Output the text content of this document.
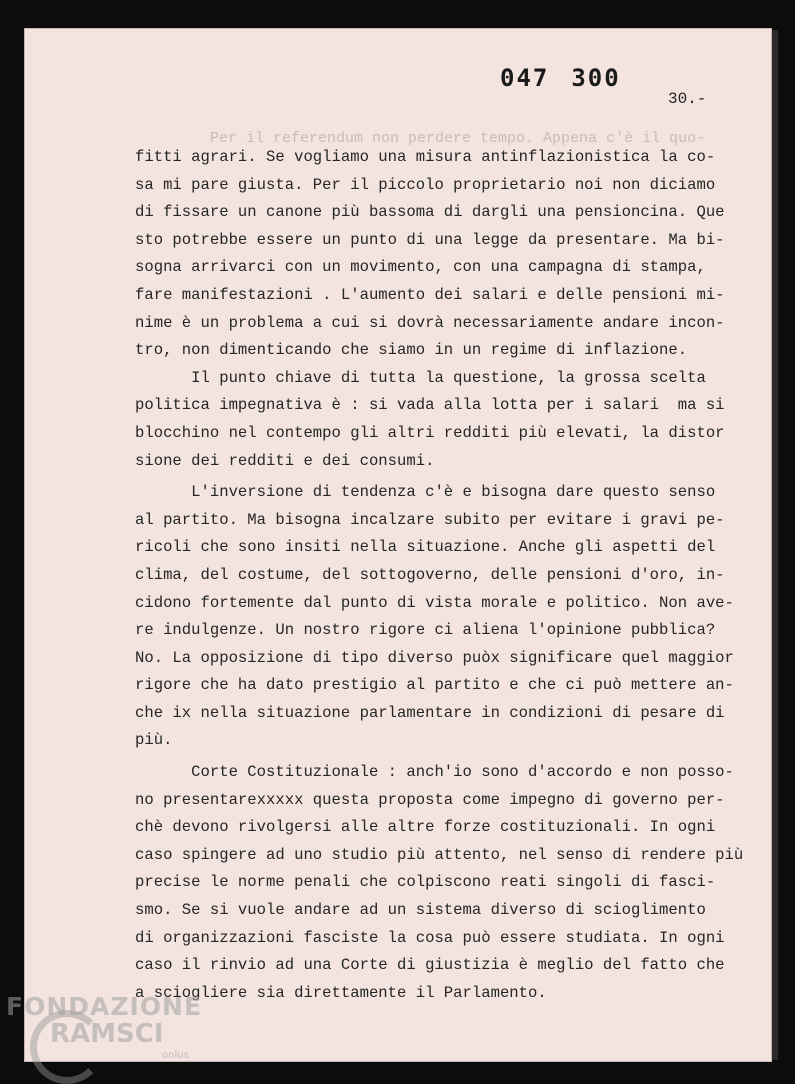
047 300
30.-
Per il referendum non perdere tempo. Appena c'è il quo-
fitti agrari. Se vogliamo una misura antinflazionistica la co-
sa mi pare giusta. Per il piccolo proprietario noi non diciamo
di fissare un canone più bassoma di dargli una pensioncina. Que
sto potrebbe essere un punto di una legge da presentare. Ma bi-
sogna arrivarci con un movimento, con una campagna di stampa,
fare manifestazioni . L'aumento dei salari e delle pensioni mi-
nime è un problema a cui si dovrà necessariamente andare incon-
tro, non dimenticando che siamo in un regime di inflazione.
Il punto chiave di tutta la questione, la grossa scelta
politica impegnativa è : si vada alla lotta per i salari  ma si
blocchino nel contempo gli altri redditi più elevati, la distor
sione dei redditi e dei consumi.
L'inversione di tendenza c'è e bisogna dare questo senso
al partito. Ma bisogna incalzare subito per evitare i gravi pe-
ricoli che sono insiti nella situazione. Anche gli aspetti del
clima, del costume, del sottogoverno, delle pensioni d'oro, in-
cidono fortemente dal punto di vista morale e politico. Non ave-
re indulgenze. Un nostro rigore ci aliena l'opinione pubblica?
No. La opposizione di tipo diverso puòx significare quel maggior
rigore che ha dato prestigio al partito e che ci può mettere an-
che ix nella situazione parlamentare in condizioni di pesare di
più.
Corte Costituzionale : anch'io sono d'accordo e non posso-
no presentarexxxxx questa proposta come impegno di governo per-
chè devono rivolgersi alle altre forze costituzionali. In ogni
caso spingere ad uno studio più attento, nel senso di rendere più
precise le norme penali che colpiscono reati singoli di fasci-
smo. Se si vuole andare ad un sistema diverso di scioglimento
di organizzazioni fasciste la cosa può essere studiata. In ogni
caso il rinvio ad una Corte di giustizia è meglio del fatto che
a sciogliere sia direttamente il Parlamento.
FONDAZIONE
RAMSCI
onlus
